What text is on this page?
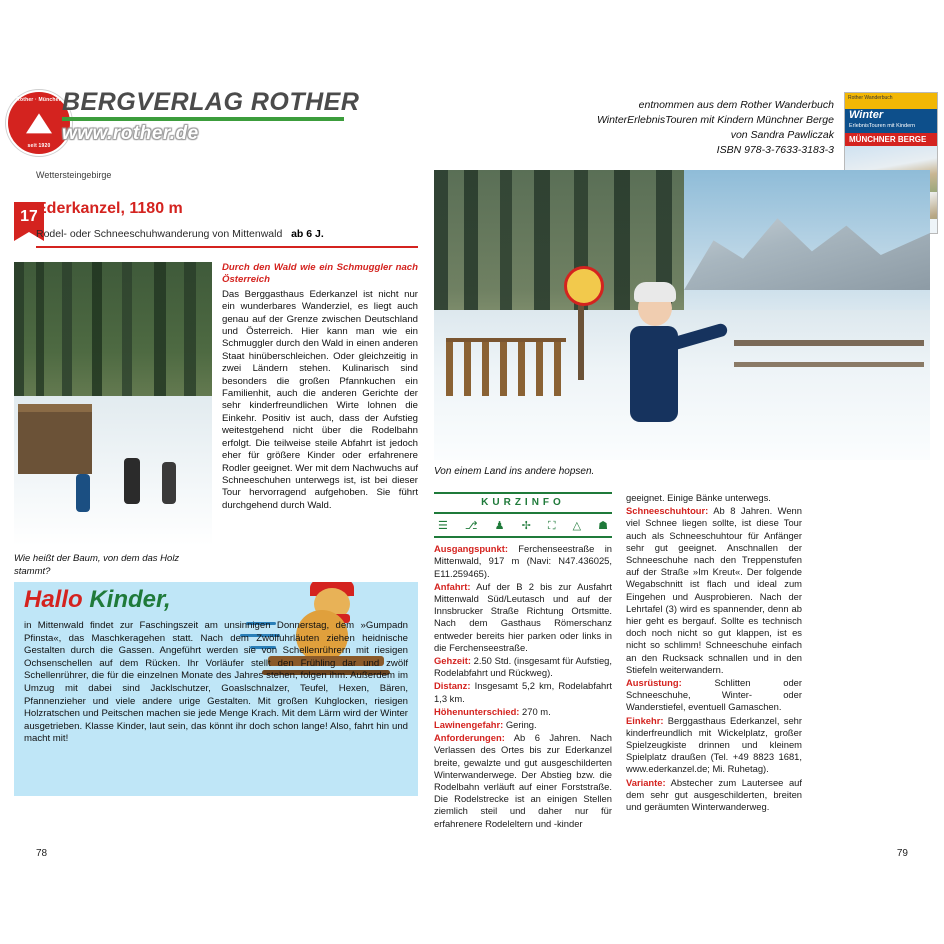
Rother · München
seit 1920
BERGVERLAG ROTHER
www.rother.de
entnommen aus dem Rother Wanderbuch
WinterErlebnisTouren mit Kindern Münchner Berge
von Sandra Pawliczak
ISBN 978-3-7633-3183-3
Rother Wanderbuch
Winter
ErlebnisTouren mit Kindern
MÜNCHNER BERGE
Wettersteingebirge
17
Ederkanzel, 1180 m
Rodel- oder Schneeschuhwanderung von Mittenwald ab 6 J.
Wie heißt der Baum, von dem das Holz stammt?
Durch den Wald wie ein Schmuggler nach Österreich
Das Berggasthaus Ederkanzel ist nicht nur ein wunderbares Wanderziel, es liegt auch genau auf der Grenze zwischen Deutschland und Österreich. Hier kann man wie ein Schmuggler durch den Wald in einen anderen Staat hinüberschleichen. Oder gleichzeitig in zwei Ländern stehen. Kulinarisch sind besonders die großen Pfannkuchen ein Familienhit, auch die anderen Gerichte der sehr kinderfreundlichen Wirte lohnen die Einkehr. Positiv ist auch, dass der Aufstieg weitestgehend nicht über die Rodelbahn erfolgt. Die teilweise steile Abfahrt ist jedoch eher für größere Kinder oder erfahrenere Rodler geeignet. Wer mit dem Nachwuchs auf Schneeschuhen unterwegs ist, ist bei dieser Tour hervorragend aufgehoben. Sie führt durchgehend durch Wald.
Hallo Kinder,
in Mittenwald findet zur Faschingszeit am unsinnigen Donnerstag, dem »Gumpadn Pfinsta«, das Maschkeragehen statt. Nach dem Zwölfuhrläuten ziehen heidnische Gestalten durch die Gassen. Angeführt werden sie von Schellenrührern mit riesigen Ochsenschellen auf dem Rücken. Ihr Vorläufer stellt den Frühling dar und zwölf Schellenrührer, die für die einzelnen Monate des Jahres stehen, folgen ihm. Außerdem im Umzug mit dabei sind Jacklschutzer, Goaslschnalzer, Teufel, Hexen, Bären, Pfannenzieher und viele andere urige Gestalten. Mit großen Kuhglocken, riesigen Holzratschen und Peitschen machen sie jede Menge Krach. Mit dem Lärm wird der Winter ausgetrieben. Klasse Kinder, laut sein, das könnt ihr doch schon lange! Also, fahrt hin und macht mit!
Von einem Land ins andere hopsen.
KURZINFO
☰ ⎇ ♟ ✢ ⛶ △ ☗

Ausgangspunkt: Ferchenseestraße in Mittenwald, 917 m (Navi: N47.436025, E11.259465).

Anfahrt: Auf der B 2 bis zur Ausfahrt Mittenwald Süd/Leutasch und auf der Innsbrucker Straße Richtung Ortsmitte. Nach dem Gasthaus Römerschanz entweder bereits hier parken oder links in die Ferchenseestraße.

Gehzeit: 2.50 Std. (insgesamt für Aufstieg, Rodelabfahrt und Rückweg).

Distanz: Insgesamt 5,2 km, Rodelabfahrt 1,3 km.

Höhenunterschied: 270 m.

Lawinengefahr: Gering.

Anforderungen: Ab 6 Jahren. Nach Verlassen des Ortes bis zur Ederkanzel breite, gewalzte und gut ausgeschilderten Winterwanderwege. Der Abstieg bzw. die Rodelbahn verläuft auf einer Forststraße. Die Rodelstrecke ist an einigen Stellen ziemlich steil und daher nur für erfahrenere Rodeleltern und -kinder

geeignet. Einige Bänke unterwegs.

Schneeschuhtour: Ab 8 Jahren. Wenn viel Schnee liegen sollte, ist diese Tour auch als Schneeschuhtour für Anfänger sehr gut geeignet. Anschnallen der Schneeschuhe nach den Treppenstufen auf der Straße »Im Kreut«. Der folgende Wegabschnitt ist flach und ideal zum Eingehen und Ausprobieren. Nach der Lehrtafel (3) wird es spannender, denn ab hier geht es bergauf. Sollte es technisch doch noch nicht so gut klappen, ist es nicht so schlimm! Schneeschuhe einfach an den Rucksack schnallen und in den Stiefeln weiterwandern.

Ausrüstung: Schlitten oder Schneeschuhe, Winter- oder Wanderstiefel, eventuell Gamaschen.

Einkehr: Berggasthaus Ederkanzel, sehr kinderfreundlich mit Wickelplatz, großer Spielzeugkiste drinnen und kleinem Spielplatz draußen (Tel. +49 8823 1681, www.ederkanzel.de; Mi. Ruhetag).

Variante: Abstecher zum Lautersee auf dem sehr gut ausgeschilderten, breiten und geräumten Winterwanderweg.

78	79
